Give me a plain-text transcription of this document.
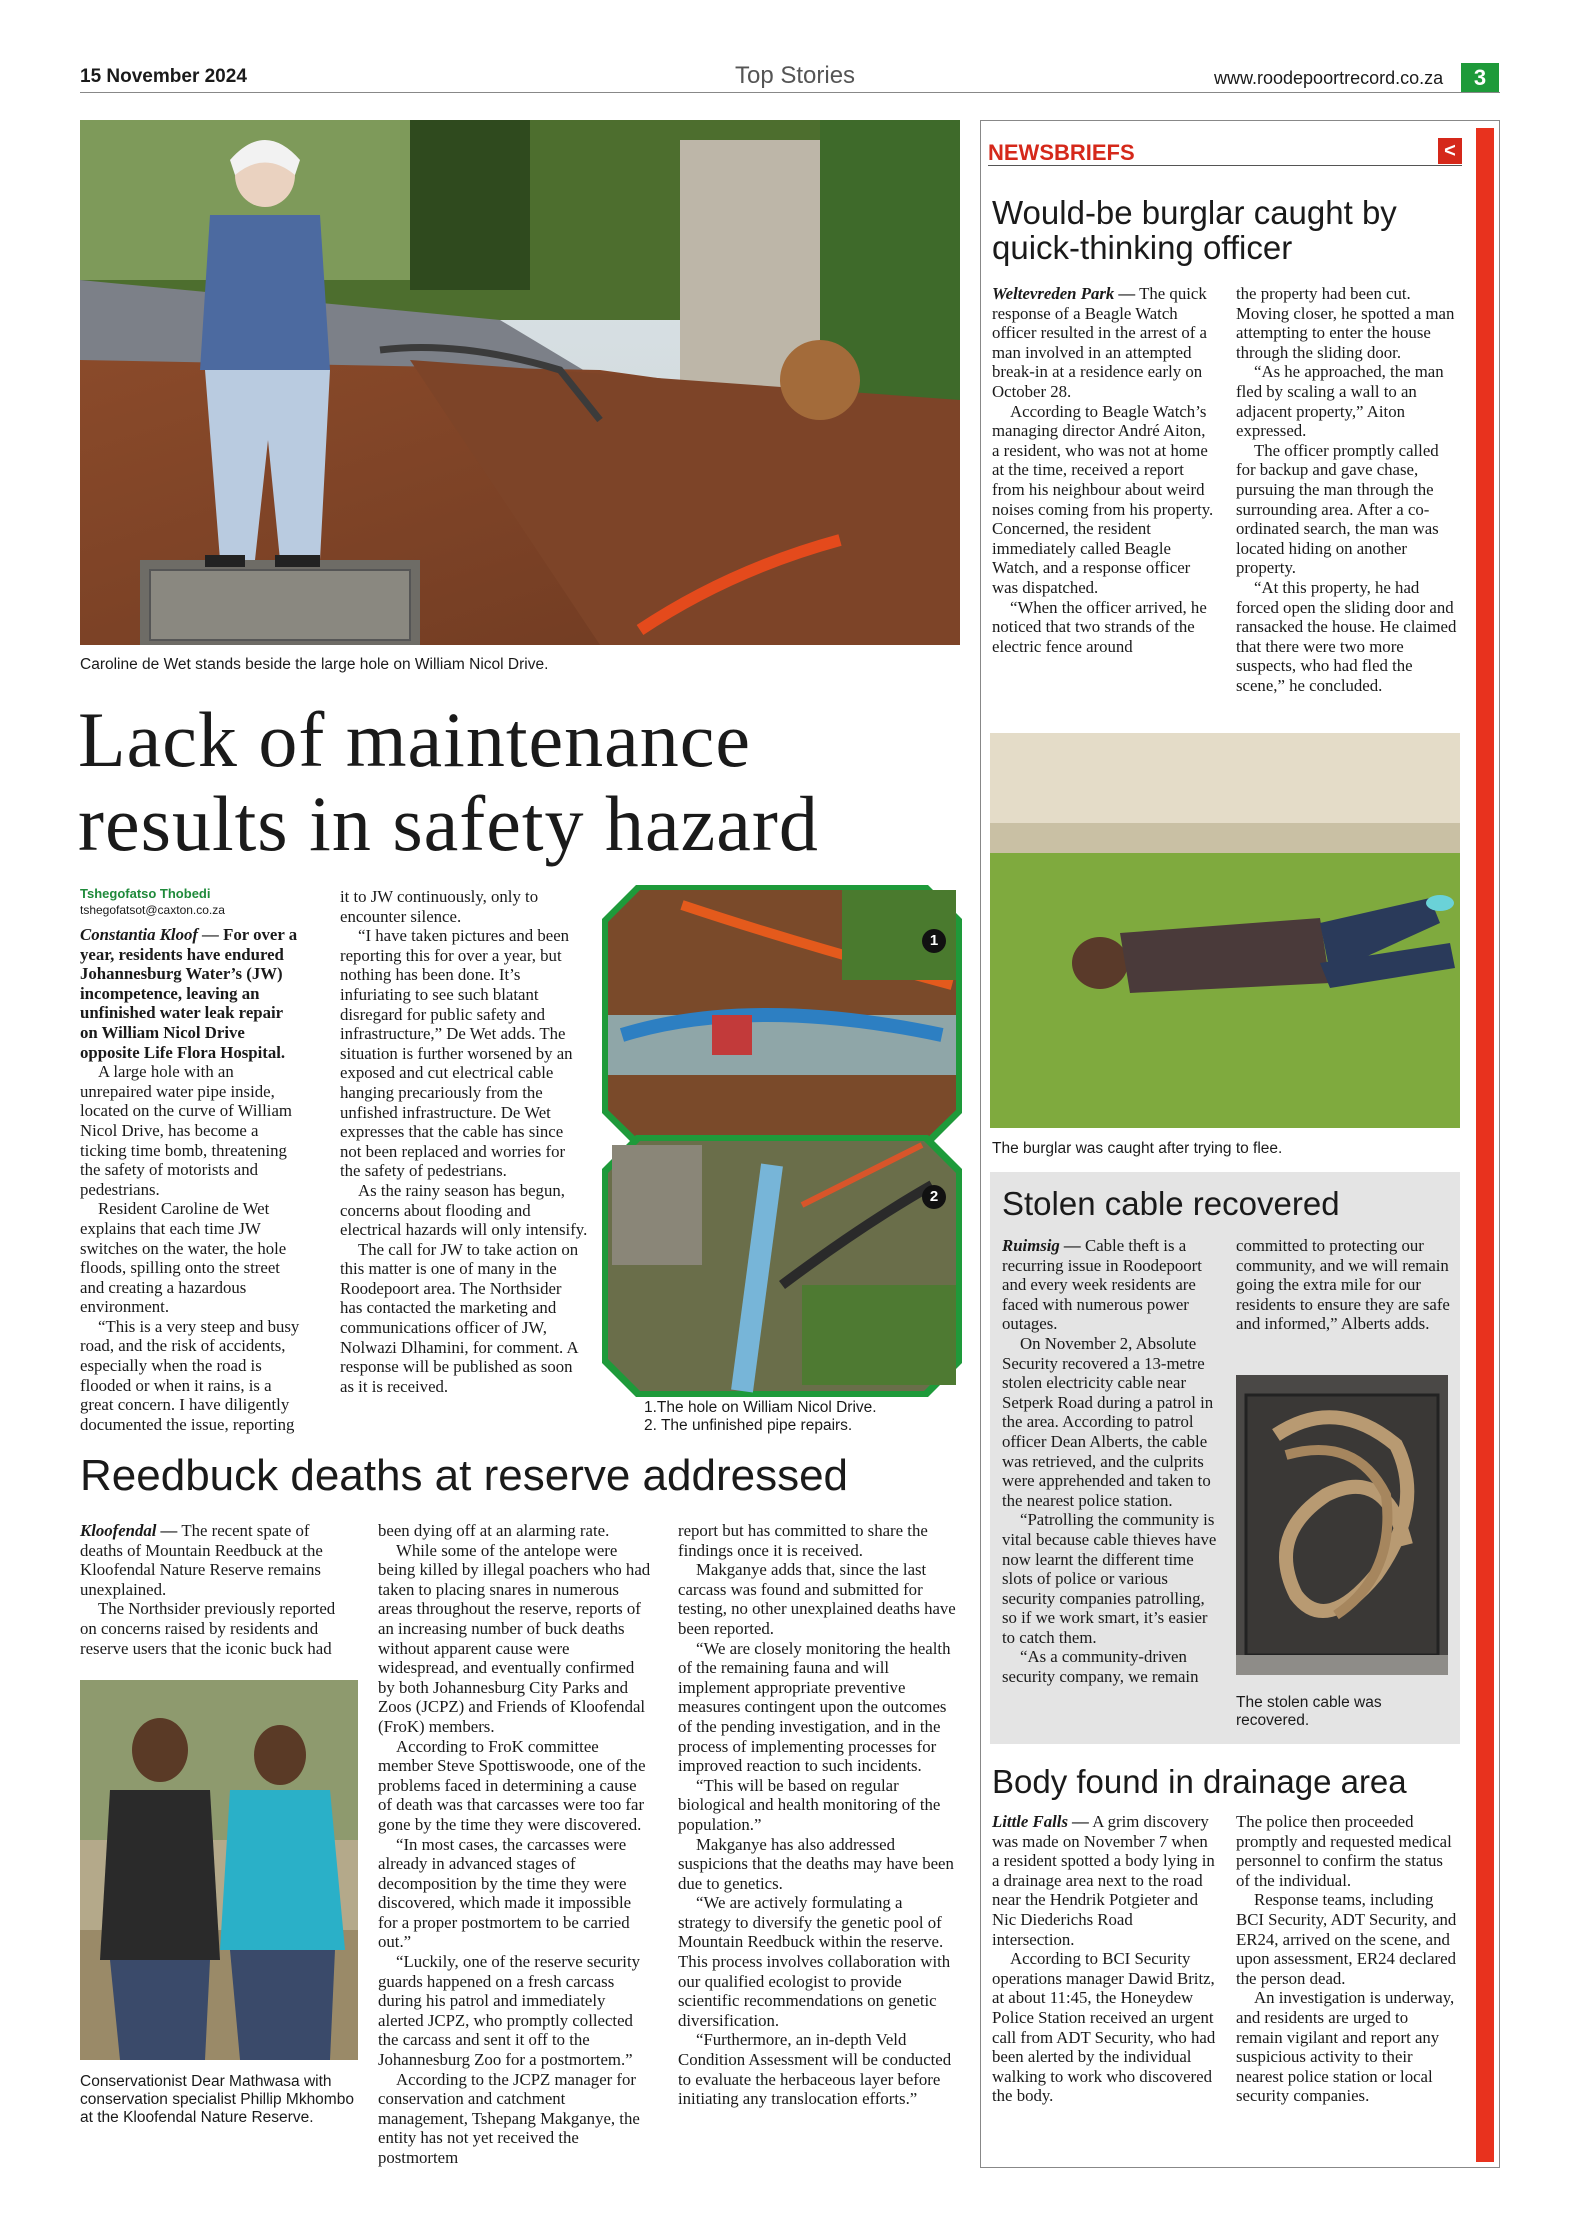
15 November 2024	Top Stories	www.roodepoortrecord.co.za	3
Caroline de Wet stands beside the large hole on William Nicol Drive.
Lack of maintenance
results in safety hazard
Tshegofatso Thobedi
tshegofatsot@caxton.co.za

Constantia Kloof — For over a year, residents have endured Johannesburg Water’s (JW) incompetence, leaving an unfinished water leak repair on William Nicol Drive opposite Life Flora Hospital.

A large hole with an unrepaired water pipe inside, located on the curve of William Nicol Drive, has become a ticking time bomb, threatening the safety of motorists and pedestrians.

Resident Caroline de Wet explains that each time JW switches on the water, the hole floods, spilling onto the street and creating a hazardous environment.

“This is a very steep and busy road, and the risk of accidents, especially when the road is flooded or when it rains, is a great concern. I have diligently documented the issue, reporting

it to JW continuously, only to encounter silence.

“I have taken pictures and been reporting this for over a year, but nothing has been done. It’s infuriating to see such blatant disregard for public safety and infrastructure,” De Wet adds. The situation is further worsened by an exposed and cut electrical cable hanging precariously from the unfished infrastructure. De Wet expresses that the cable has since not been replaced and worries for the safety of pedestrians.

As the rainy season has begun, concerns about flooding and electrical hazards will only intensify.

The call for JW to take action on this matter is one of many in the Roodepoort area. The Northsider has contacted the marketing and communications officer of JW, Nolwazi Dlhamini, for comment. A response will be published as soon as it is received.

1
2
1.The hole on William Nicol Drive.
2. The unfinished pipe repairs.
Reedbuck deaths at reserve addressed

Kloofendal — The recent spate of deaths of Mountain Reedbuck at the Kloofendal Nature Reserve remains unexplained.

The Northsider previously reported on concerns raised by residents and reserve users that the iconic buck had

Conservationist Dear Mathwasa with conservation specialist Phillip Mkhombo at the Kloofendal Nature Reserve.

been dying off at an alarming rate.

While some of the antelope were being killed by illegal poachers who had taken to placing snares in numerous areas throughout the reserve, reports of an increasing number of buck deaths without apparent cause were widespread, and eventually confirmed by both Johannesburg City Parks and Zoos (JCPZ) and Friends of Kloofendal (FroK) members.

According to FroK committee member Steve Spottiswoode, one of the problems faced in determining a cause of death was that carcasses were too far gone by the time they were discovered.

“In most cases, the carcasses were already in advanced stages of decomposition by the time they were discovered, which made it impossible for a proper postmortem to be carried out.”

“Luckily, one of the reserve security guards happened on a fresh carcass during his patrol and immediately alerted JCPZ, who promptly collected the carcass and sent it off to the Johannesburg Zoo for a postmortem.”

According to the JCPZ manager for conservation and catchment management, Tshepang Makganye, the entity has not yet received the postmortem

report but has committed to share the findings once it is received.

Makganye adds that, since the last carcass was found and submitted for testing, no other unexplained deaths have been reported.

“We are closely monitoring the health of the remaining fauna and will implement appropriate preventive measures contingent upon the outcomes of the pending investigation, and in the process of implementing processes for improved reaction to such incidents.

“This will be based on regular biological and health monitoring of the population.”

Makganye has also addressed suspicions that the deaths may have been due to genetics.

“We are actively formulating a strategy to diversify the genetic pool of Mountain Reedbuck within the reserve. This process involves collaboration with our qualified ecologist to provide scientific recommendations on genetic diversification.

“Furthermore, an in-depth Veld Condition Assessment will be conducted to evaluate the herbaceous layer before initiating any translocation efforts.”

NEWSBRIEFS	<
Would-be burglar caught by
quick-thinking officer

Weltevreden Park — The quick response of a Beagle Watch officer resulted in the arrest of a man involved in an attempted break-in at a residence early on October 28.

According to Beagle Watch’s managing director André Aiton, a resident, who was not at home at the time, received a report from his neighbour about weird noises coming from his property. Concerned, the resident immediately called Beagle Watch, and a response officer was dispatched.

“When the officer arrived, he noticed that two strands of the electric fence around

the property had been cut. Moving closer, he spotted a man attempting to enter the house through the sliding door.

“As he approached, the man fled by scaling a wall to an adjacent property,” Aiton expressed.

The officer promptly called for backup and gave chase, pursuing the man through the surrounding area. After a co-ordinated search, the man was located hiding on another property.

“At this property, he had forced open the sliding door and ransacked the house. He claimed that there were two more suspects, who had fled the scene,” he concluded.

The burglar was caught after trying to flee.
Stolen cable recovered

Ruimsig — Cable theft is a recurring issue in Roodepoort and every week residents are faced with numerous power outages.

On November 2, Absolute Security recovered a 13-metre stolen electricity cable near Setperk Road during a patrol in the area. According to patrol officer Dean Alberts, the cable was retrieved, and the culprits were apprehended and taken to the nearest police station.

“Patrolling the community is vital because cable thieves have now learnt the different time slots of police or various security companies patrolling, so if we work smart, it’s easier to catch them.

“As a community-driven security company, we remain

committed to protecting our community, and we will remain going the extra mile for our residents to ensure they are safe and informed,” Alberts adds.

The stolen cable was recovered.
Body found in drainage area

Little Falls — A grim discovery was made on November 7 when a resident spotted a body lying in a drainage area next to the road near the Hendrik Potgieter and Nic Diederichs Road intersection.

According to BCI Security operations manager Dawid Britz, at about 11:45, the Honeydew Police Station received an urgent call from ADT Security, who had been alerted by the individual walking to work who discovered the body.

The police then proceeded promptly and requested medical personnel to confirm the status of the individual.

Response teams, including BCI Security, ADT Security, and ER24, arrived on the scene, and upon assessment, ER24 declared the person dead.

An investigation is underway, and residents are urged to remain vigilant and report any suspicious activity to their nearest police station or local security companies.
